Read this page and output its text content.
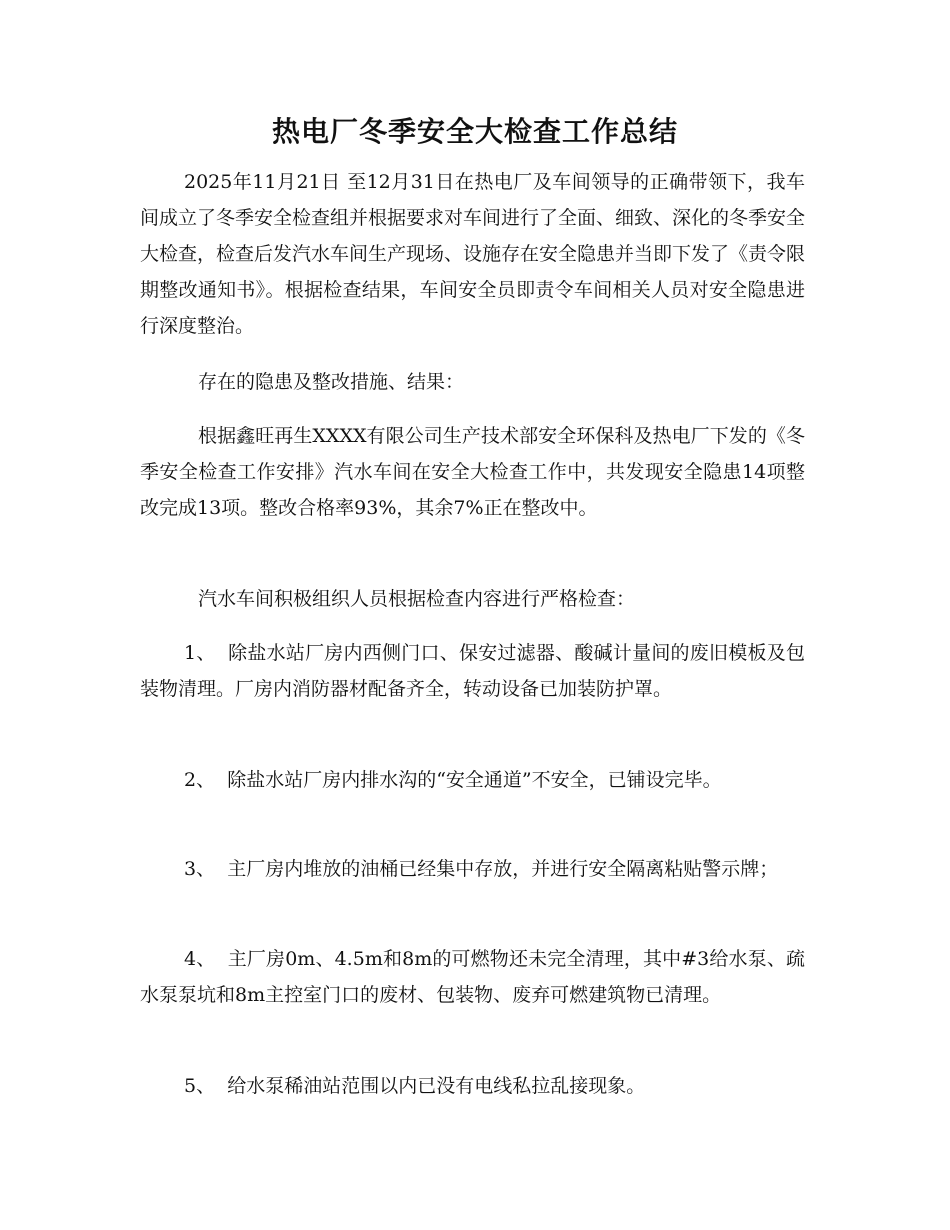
热电厂冬季安全大检查工作总结

2025年11月21日 至12月31日在热电厂及车间领导的正确带领下，我车间成立了冬季安全检查组并根据要求对车间进行了全面、细致、深化的冬季安全大检查，检查后发汽水车间生产现场、设施存在安全隐患并当即下发了《责令限期整改通知书》。根据检查结果，车间安全员即责令车间相关人员对安全隐患进行深度整治。

存在的隐患及整改措施、结果：

根据鑫旺再生XXXX有限公司生产技术部安全环保科及热电厂下发的《冬季安全检查工作安排》汽水车间在安全大检查工作中，共发现安全隐患14项整改完成13项。整改合格率93%，其余7%正在整改中。

汽水车间积极组织人员根据检查内容进行严格检查：

1、 除盐水站厂房内西侧门口、保安过滤器、酸碱计量间的废旧模板及包装物清理。厂房内消防器材配备齐全，转动设备已加装防护罩。

2、 除盐水站厂房内排水沟的“安全通道”不安全，已铺设完毕。

3、 主厂房内堆放的油桶已经集中存放，并进行安全隔离粘贴警示牌；

4、 主厂房0m、4.5m和8m的可燃物还未完全清理，其中#3给水泵、疏水泵泵坑和8m主控室门口的废材、包装物、废弃可燃建筑物已清理。

5、 给水泵稀油站范围以内已没有电线私拉乱接现象。
